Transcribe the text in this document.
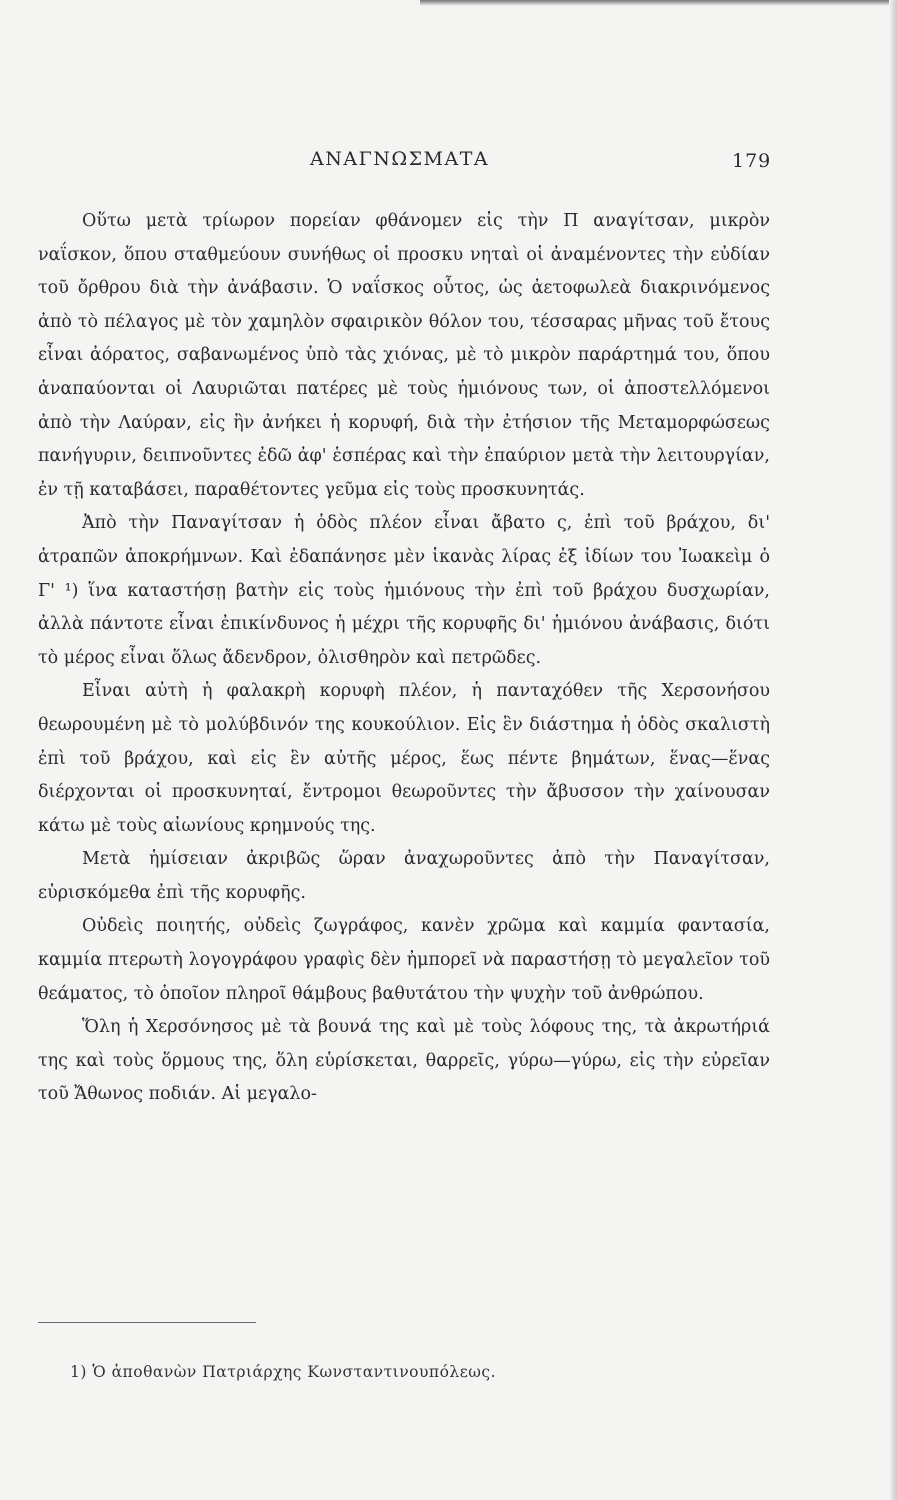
ΑΝΑΓΝΩΣΜΑΤΑ	179

Οὕτω μετὰ τρίωρον πορείαν φθάνομεν εἰς τὴν Π αναγίτσαν, μικρὸν ναΐσκον, ὅπου σταθμεύουν συνήθως οἱ προσκυ νηταὶ οἱ ἀναμένοντες τὴν εὐδίαν τοῦ ὄρθρου διὰ τὴν ἀνάβασιν. Ὁ ναΐσκος οὗτος, ὡς ἀετοφωλεὰ διακρινόμενος ἀπὸ τὸ πέλαγος μὲ τὸν χαμηλὸν σφαιρικὸν θόλον του, τέσσαρας μῆνας τοῦ ἔτους εἶναι ἀόρατος, σαβανωμένος ὑπὸ τὰς χιόνας, μὲ τὸ μικρὸν παράρτημά του, ὅπου ἀναπαύονται οἱ Λαυριῶται πατέρες μὲ τοὺς ἡμιόνους των, οἱ ἀποστελλόμενοι ἀπὸ τὴν Λαύραν, εἰς ἣν ἀνήκει ἡ κορυφή, διὰ τὴν ἐτήσιον τῆς Μεταμορφώσεως πανήγυριν, δειπνοῦντες ἐδῶ ἀφ' ἑσπέρας καὶ τὴν ἐπαύριον μετὰ τὴν λειτουργίαν, ἐν τῇ καταβάσει, παραθέτοντες γεῦμα εἰς τοὺς προσκυνητάς.

Ἀπὸ τὴν Παναγίτσαν ἡ ὁδὸς πλέον εἶναι ἄβατο ς, ἐπὶ τοῦ βράχου, δι' ἀτραπῶν ἀποκρήμνων. Καὶ ἐδαπάνησε μὲν ἱκανὰς λίρας ἐξ ἰδίων του Ἰωακεὶμ ὁ Γ' ¹) ἵνα καταστήσῃ βατὴν εἰς τοὺς ἡμιόνους τὴν ἐπὶ τοῦ βράχου δυσχωρίαν, ἀλλὰ πάντοτε εἶναι ἐπικίνδυνος ἡ μέχρι τῆς κορυφῆς δι' ἡμιόνου ἀνάβασις, διότι τὸ μέρος εἶναι ὅλως ἄδενδρον, ὀλισθηρὸν καὶ πετρῶδες.

Εἶναι αὐτὴ ἡ φαλακρὴ κορυφὴ πλέον, ἡ πανταχόθεν τῆς Χερσονήσου θεωρουμένη μὲ τὸ μολύβδινόν της κουκούλιον. Εἰς ἓν διάστημα ἡ ὁδὸς σκαλιστὴ ἐπὶ τοῦ βράχου, καὶ εἰς ἓν αὐτῆς μέρος, ἕως πέντε βημάτων, ἕνας—ἕνας διέρχονται οἱ προσκυνηταί, ἔντρομοι θεωροῦντες τὴν ἄβυσσον τὴν χαίνουσαν κάτω μὲ τοὺς αἰωνίους κρημνούς της.

Μετὰ ἡμίσειαν ἀκριβῶς ὥραν ἀναχωροῦντες ἀπὸ τὴν Παναγίτσαν, εὑρισκόμεθα ἐπὶ τῆς κορυφῆς.

Οὐδεὶς ποιητής, οὐδεὶς ζωγράφος, κανὲν χρῶμα καὶ καμμία φαντασία, καμμία πτερωτὴ λογογράφου γραφὶς δὲν ἠμπορεῖ νὰ παραστήσῃ τὸ μεγαλεῖον τοῦ θεάματος, τὸ ὁποῖον πληροῖ θάμβους βαθυτάτου τὴν ψυχὴν τοῦ ἀνθρώπου.

Ὅλη ἡ Χερσόνησος μὲ τὰ βουνά της καὶ μὲ τοὺς λόφους της, τὰ ἀκρωτήριά της καὶ τοὺς ὅρμους της, ὅλη εὑρίσκεται, θαρρεῖς, γύρω—γύρω, εἰς τὴν εὐρεῖαν τοῦ Ἄθωνος ποδιάν. Αἱ μεγαλο-

1) Ὁ ἀποθανὼν Πατριάρχης Κωνσταντινουπόλεως.
